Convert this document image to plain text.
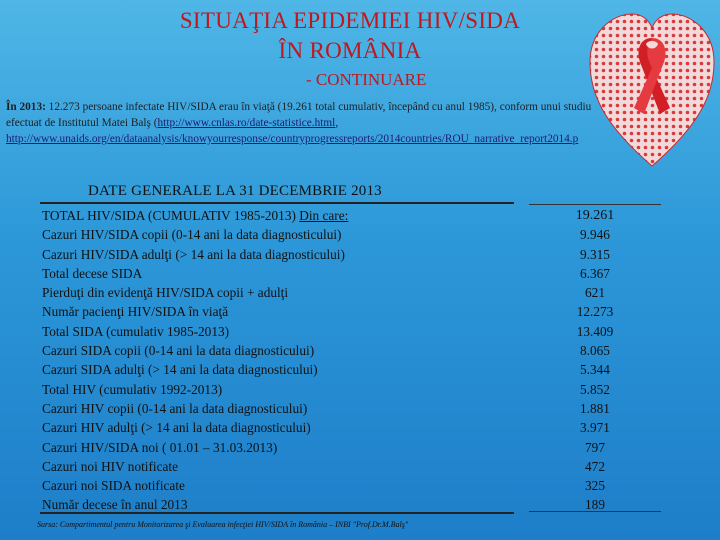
SITUAŢIA EPIDEMIEI HIV/SIDA
ÎN ROMÂNIA
- CONTINUARE
În 2013: 12.273 persoane infectate HIV/SIDA erau în viaţă (19.261 total cumulativ, începând cu anul 1985), conform unui studiu efectuat de Institutul Matei Balş (http://www.cnlas.ro/date-statistice.html, http://www.unaids.org/en/dataanalysis/knowyourresponse/countryprogressreports/2014countries/ROU_narrative_report2014.p
DATE GENERALE LA 31 DECEMBRIE 2013
TOTAL HIV/SIDA (CUMULATIV 1985-2013) Din care:
Cazuri HIV/SIDA copii (0-14 ani la data diagnosticului)
Cazuri HIV/SIDA adulţi (> 14 ani la data diagnosticului)
Total decese SIDA
Pierduţi din evidenţă HIV/SIDA copii + adulţi
Număr pacienţi HIV/SIDA în viaţă
Total SIDA (cumulativ 1985-2013)
Cazuri SIDA copii (0-14 ani la data diagnosticului)
Cazuri SIDA adulţi (> 14 ani la data diagnosticului)
Total HIV (cumulativ 1992-2013)
Cazuri HIV copii (0-14 ani la data diagnosticului)
Cazuri HIV adulţi (> 14 ani la data diagnosticului)
Cazuri HIV/SIDA noi ( 01.01 – 31.03.2013)
Cazuri noi HIV notificate
Cazuri noi SIDA notificate
Număr decese în anul 2013
19.261
9.946
9.315
6.367
621
12.273
13.409
8.065
5.344
5.852
1.881
3.971
797
472
325
189
Sursa: Compartimentul pentru Monitorizarea şi Evaluarea infecţiei HIV/SIDA în România – INBI "Prof.Dr.M.Balş"
